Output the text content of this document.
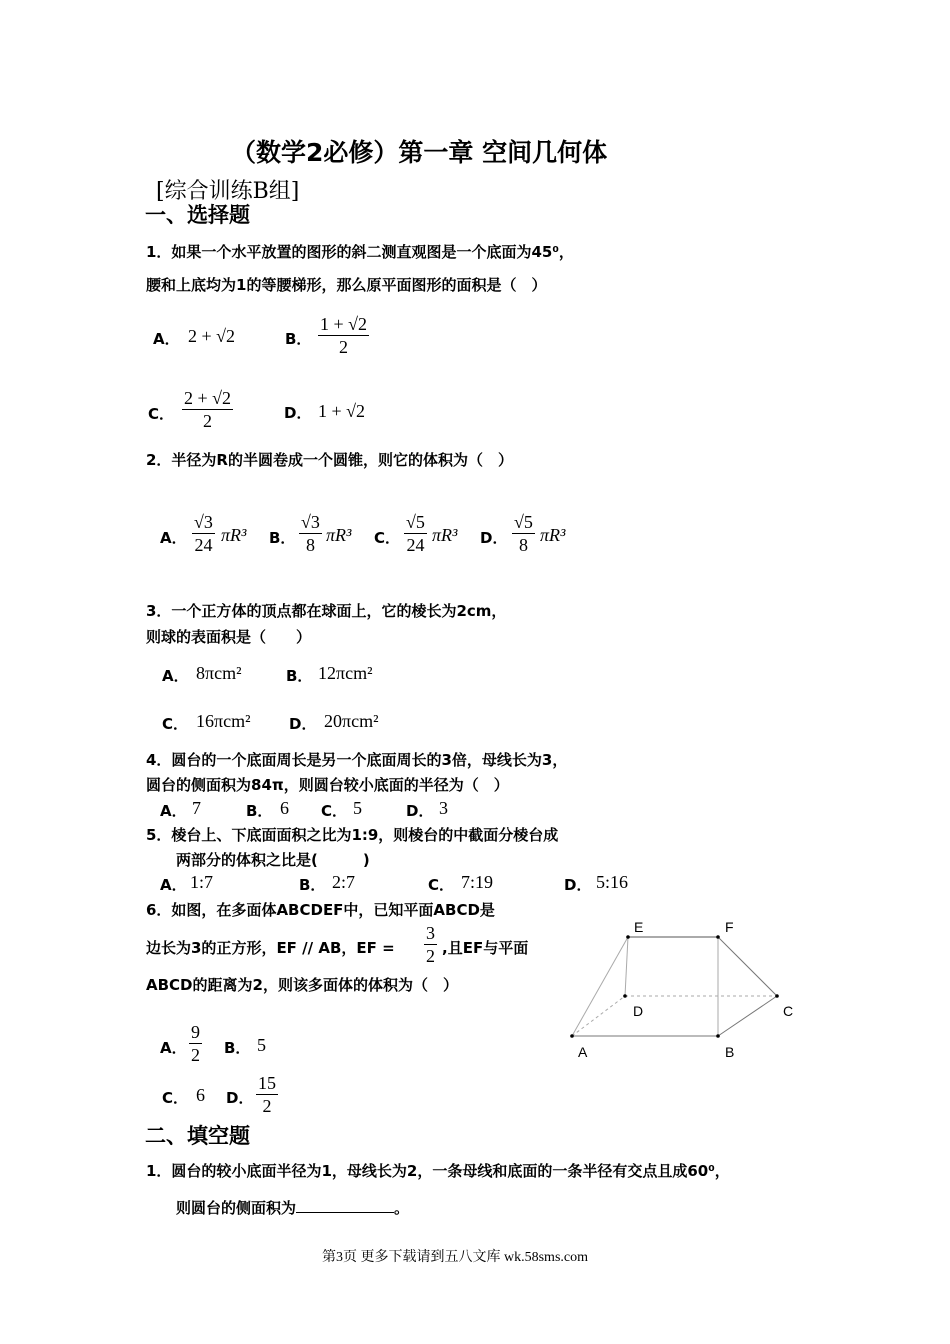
（数学2必修）第一章 空间几何体
[综合训练B组]
一、选择题
1．如果一个水平放置的图形的斜二测直观图是一个底面为45⁰，
腰和上底均为1的等腰梯形，那么原平面图形的面积是（　）
A． 2 + √2	B． $\frac{1 + √2}{2}$
C． $\frac{2 + √2}{2}$	D． 1 + √2
2．半径为R的半圆卷成一个圆锥，则它的体积为（　）
A． $\frac{√3}{24} \pi R^3$ B． $\frac{√3}{8} \pi R^3$ C． $\frac{√5}{24} \pi R^3$ D． $\frac{√5}{8} \pi R^3$
3．一个正方体的顶点都在球面上，它的棱长为2cm，
则球的表面积是（　　）
A． 8πcm²	B． 12πcm²
C． 16πcm²	D． 20πcm²
4．圆台的一个底面周长是另一个底面周长的3倍，母线长为3，
圆台的侧面积为84π，则圆台较小底面的半径为（　）
A． 7	B． 6 C． 5	D． 3
5．棱台上、下底面面积之比为1:9，则棱台的中截面分棱台成
两部分的体积之比是(　　　)
A． 1:7	B． 2:7	C． 7:19	D． 5:16
6．如图，在多面体ABCDEF中，已知平面ABCD是
边长为3的正方形，EF // AB，EF = $\frac{3}{2}$ ,且EF与平面
ABCD的距离为2，则该多面体的体积为（　）
A． $\frac{9}{2}$ B． 5
C． 6 D． $\frac{15}{2}$
E	F
D	C
A	B
二、填空题
1．圆台的较小底面半径为1，母线长为2，一条母线和底面的一条半径有交点且成60⁰，
则圆台的侧面积为	。
第3页 更多下载请到五八文库 wk.58sms.com
